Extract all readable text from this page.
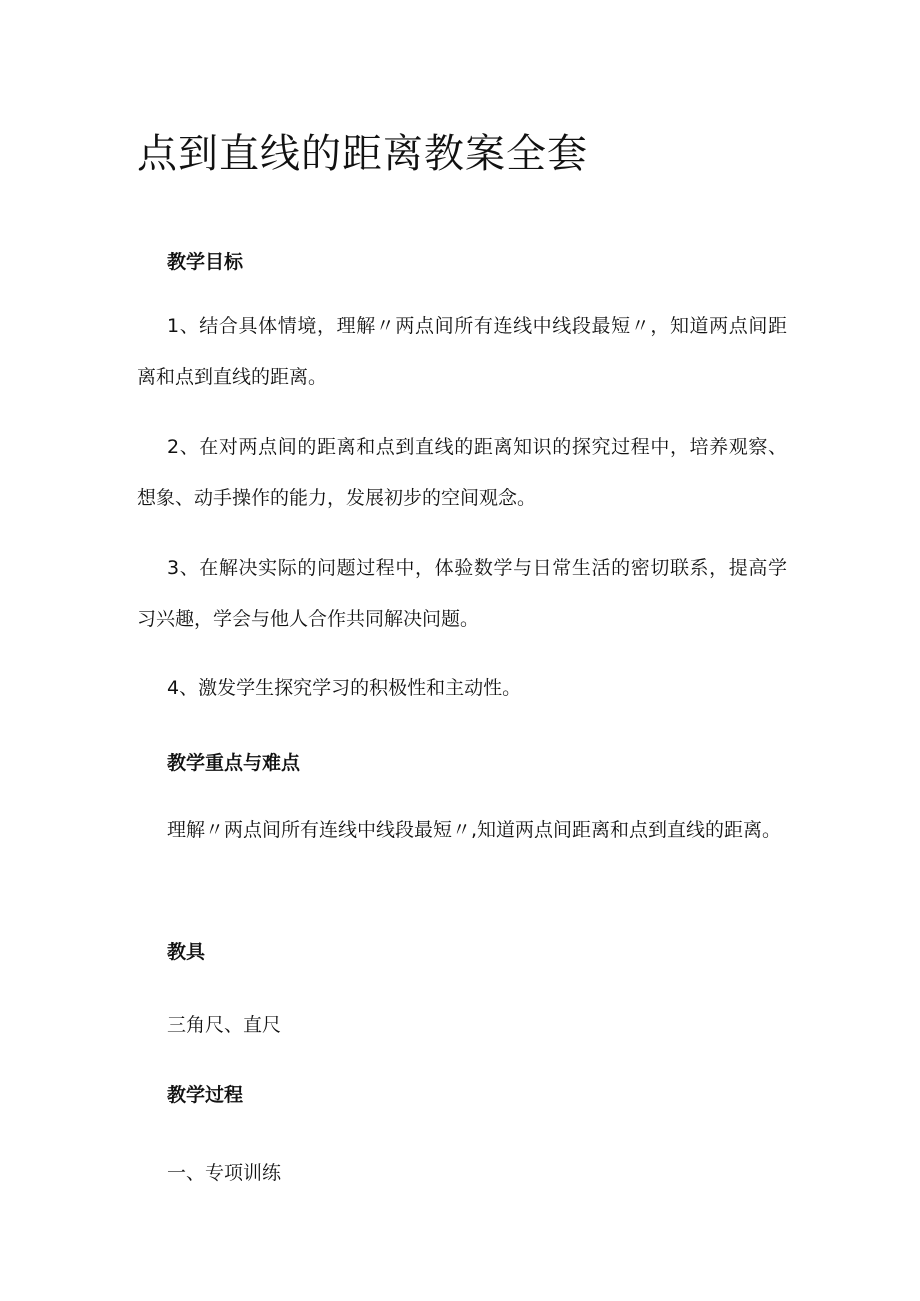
点到直线的距离教案全套
教学目标

1、结合具体情境，理解〃两点间所有连线中线段最短〃，知道两点间距离和点到直线的距离。

2、在对两点间的距离和点到直线的距离知识的探究过程中，培养观察、想象、动手操作的能力，发展初步的空间观念。

3、在解决实际的问题过程中，体验数学与日常生活的密切联系，提高学习兴趣，学会与他人合作共同解决问题。

4、激发学生探究学习的积极性和主动性。

教学重点与难点

理解〃两点间所有连线中线段最短〃,知道两点间距离和点到直线的距离。

教具

三角尺、直尺

教学过程

一、专项训练
